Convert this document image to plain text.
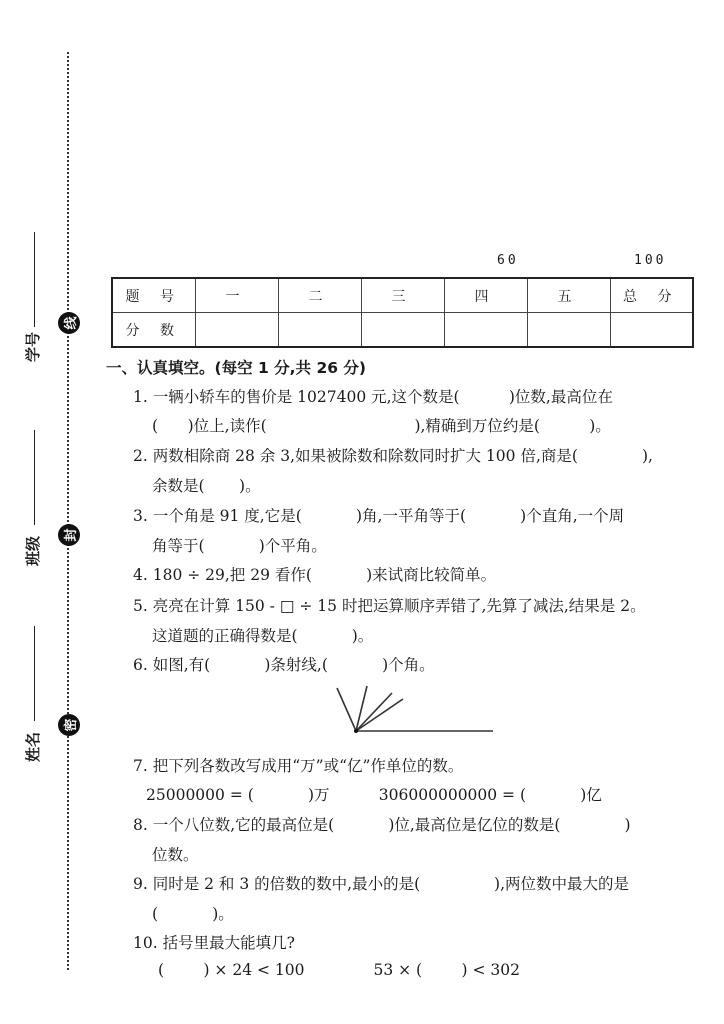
学号
线
班级
封
姓名
密
60	100
题 号	一	二	三	四	五	总 分
分 数						
一、认真填空。(每空 1 分,共 26 分)
1. 一辆小轿车的售价是 1027400 元,这个数是(          )位数,最高位在
(      )位上,读作(                              ),精确到万位约是(          )。
2. 两数相除商 28 余 3,如果被除数和除数同时扩大 100 倍,商是(             ),
余数是(       )。
3. 一个角是 91 度,它是(           )角,一平角等于(           )个直角,一个周
角等于(           )个平角。
4. 180 ÷ 29,把 29 看作(           )来试商比较简单。
5. 亮亮在计算 150 - □ ÷ 15 时把运算顺序弄错了,先算了减法,结果是 2。
这道题的正确得数是(           )。
6. 如图,有(           )条射线,(           )个角。
7. 把下列各数改写成用“万”或“亿”作单位的数。
25000000 = (           )万          306000000000 = (           )亿
8. 一个八位数,它的最高位是(           )位,最高位是亿位的数是(             )
位数。
9. 同时是 2 和 3 的倍数的数中,最小的是(               ),两位数中最大的是
(           )。
10. 括号里最大能填几?
(        ) × 24 < 100              53 × (        ) < 302
